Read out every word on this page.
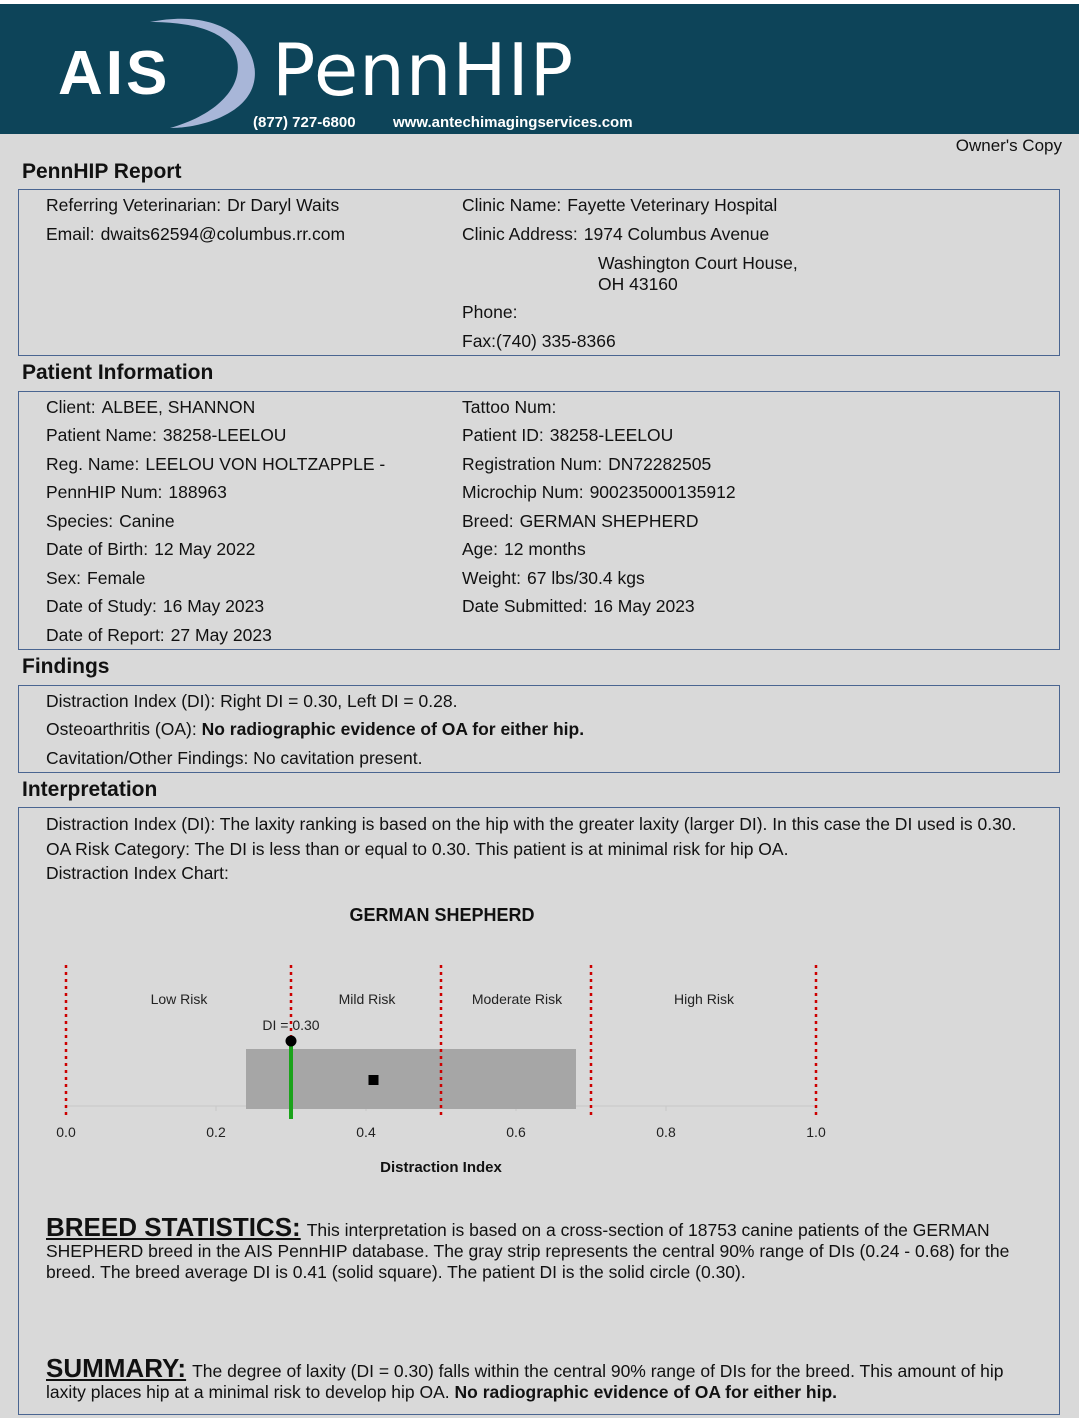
AIS PennHIP
(877) 727-6800 www.antechimagingservices.com
Owner's Copy
PennHIP Report
Referring Veterinarian: Dr Daryl Waits
Email: dwaits62594@columbus.rr.com
Clinic Name: Fayette Veterinary Hospital
Clinic Address: 1974 Columbus Avenue
Washington Court House,
OH 43160
Phone:
Fax:(740) 335-8366
Patient Information
Client: ALBEE, SHANNON
Patient Name: 38258-LEELOU
Reg. Name: LEELOU VON HOLTZAPPLE -
PennHIP Num: 188963
Species: Canine
Date of Birth: 12 May 2022
Sex: Female
Date of Study: 16 May 2023
Date of Report: 27 May 2023
Tattoo Num:
Patient ID: 38258-LEELOU
Registration Num: DN72282505
Microchip Num: 900235000135912
Breed: GERMAN SHEPHERD
Age: 12 months
Weight: 67 lbs/30.4 kgs
Date Submitted: 16 May 2023
Findings
Distraction Index (DI): Right DI = 0.30, Left DI = 0.28.
Osteoarthritis (OA): No radiographic evidence of OA for either hip.
Cavitation/Other Findings: No cavitation present.
Interpretation
Distraction Index (DI): The laxity ranking is based on the hip with the greater laxity (larger DI). In this case the DI used is 0.30.
OA Risk Category: The DI is less than or equal to 0.30. This patient is at minimal risk for hip OA.
Distraction Index Chart:
GERMAN SHEPHERD
0.0	0.2	0.4	0.6	0.8	1.0
Low Risk	Mild Risk	Moderate Risk	High Risk
DI = 0.30
Distraction Index
BREED STATISTICS: This interpretation is based on a cross-section of 18753 canine patients of the GERMAN SHEPHERD breed in the AIS PennHIP database. The gray strip represents the central 90% range of DIs (0.24 - 0.68) for the breed. The breed average DI is 0.41 (solid square). The patient DI is the solid circle (0.30).
SUMMARY: The degree of laxity (DI = 0.30) falls within the central 90% range of DIs for the breed. This amount of hip laxity places hip at a minimal risk to develop hip OA. No radiographic evidence of OA for either hip.
